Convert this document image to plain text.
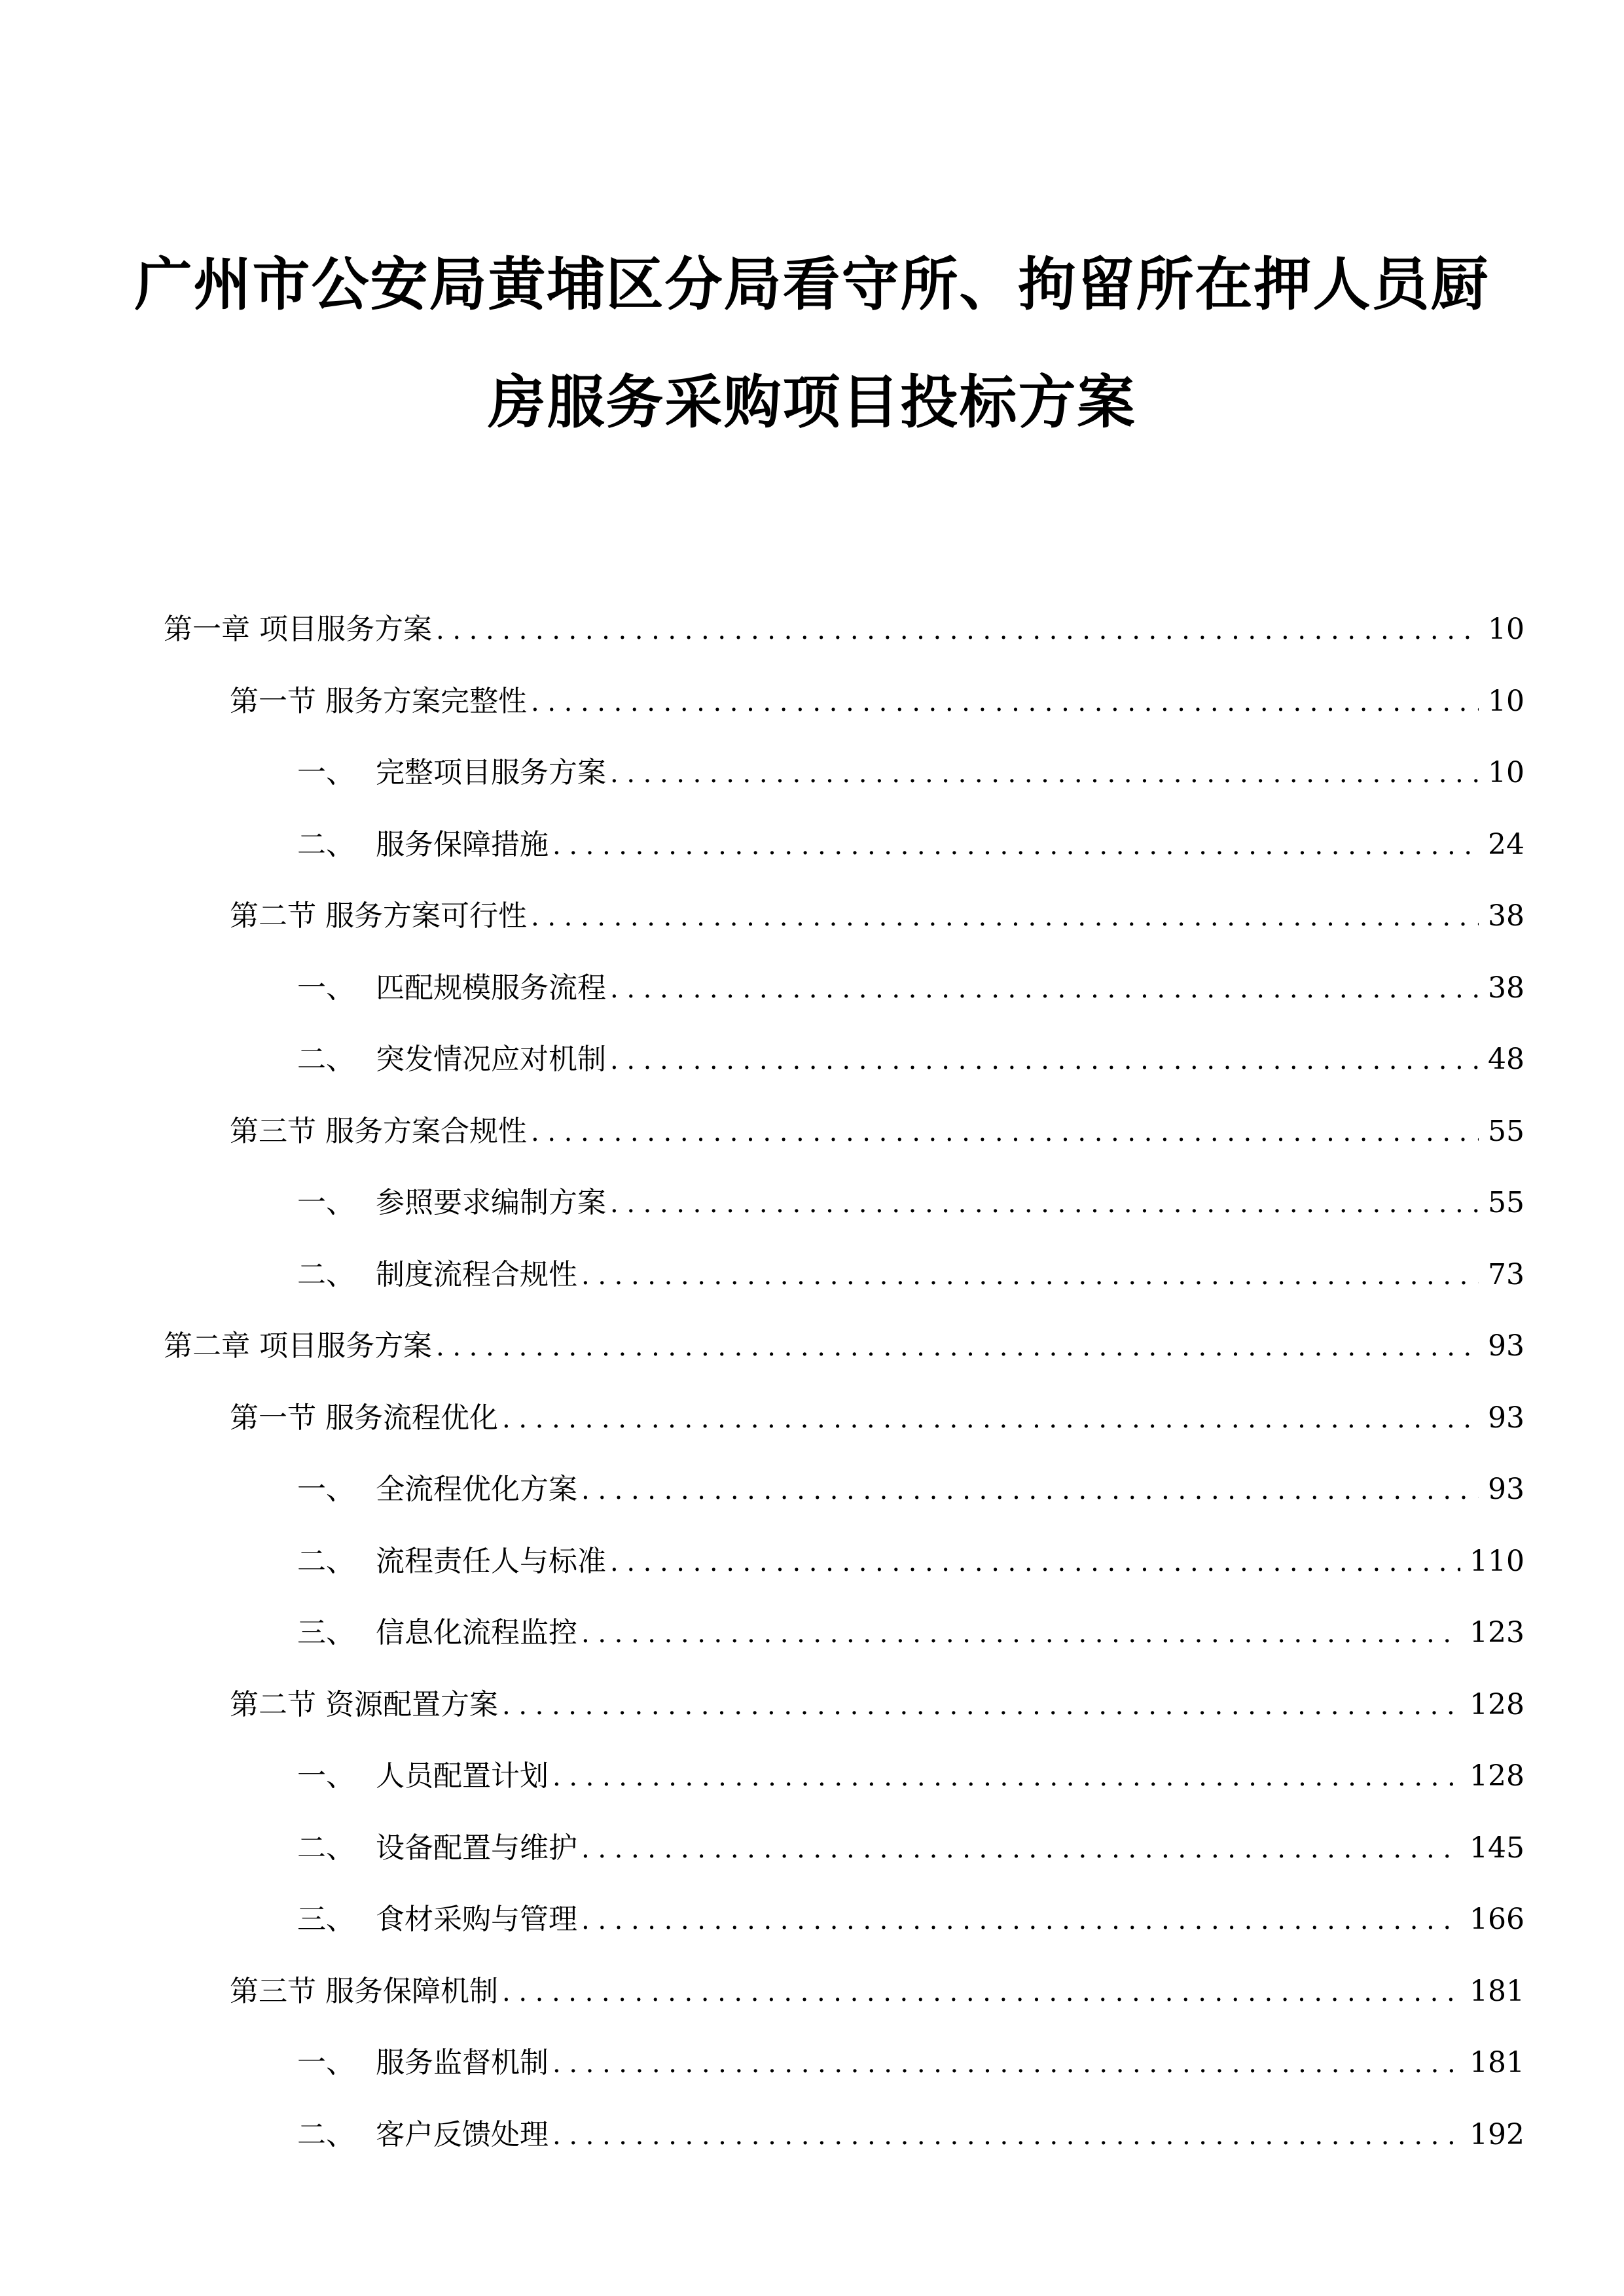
广州市公安局黄埔区分局看守所、拘留所在押人员厨
房服务采购项目投标方案
第一章 项目服务方案 .....	10
第一节 服务方案完整性 .....	10
一、 完整项目服务方案 .....	10
二、 服务保障措施 .....	24
第二节 服务方案可行性 .....	38
一、 匹配规模服务流程 .....	38
二、 突发情况应对机制 .....	48
第三节 服务方案合规性 .....	55
一、 参照要求编制方案 .....	55
二、 制度流程合规性 .....	73
第二章 项目服务方案 .....	93
第一节 服务流程优化 .....	93
一、 全流程优化方案 .....	93
二、 流程责任人与标准 .....	110
三、 信息化流程监控 .....	123
第二节 资源配置方案 .....	128
一、 人员配置计划 .....	128
二、 设备配置与维护 .....	145
三、 食材采购与管理 .....	166
第三节 服务保障机制 .....	181
一、 服务监督机制 .....	181
二、 客户反馈处理 .....	192
